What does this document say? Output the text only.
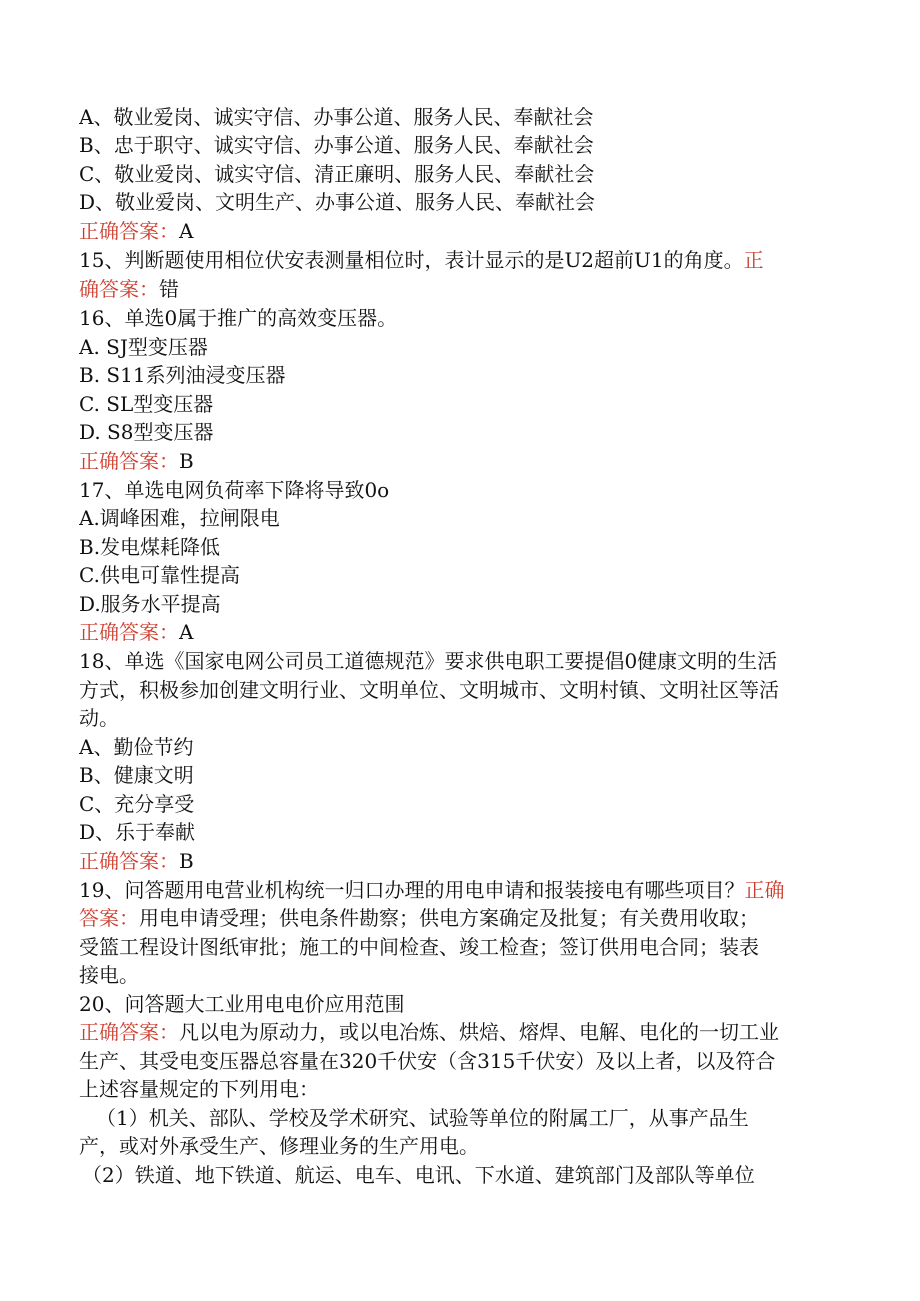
A、敬业爱岗、诚实守信、办事公道、服务人民、奉献社会
B、忠于职守、诚实守信、办事公道、服务人民、奉献社会
C、敬业爱岗、诚实守信、清正廉明、服务人民、奉献社会
D、敬业爱岗、文明生产、办事公道、服务人民、奉献社会
正确答案：A
15、判断题使用相位伏安表测量相位时，表计显示的是U2超前U1的角度。正
确答案：错
16、单选0属于推广的高效变压器。
A. SJ型变压器
B. S11系列油浸变压器
C. SL型变压器
D. S8型变压器
正确答案：B
17、单选电网负荷率下降将导致0o
A.调峰困难，拉闸限电
B.发电煤耗降低
C.供电可靠性提高
D.服务水平提高
正确答案：A
18、单选《国家电网公司员工道德规范》要求供电职工要提倡0健康文明的生活
方式，积极参加创建文明行业、文明单位、文明城市、文明村镇、文明社区等活
动。
A、勤俭节约
B、健康文明
C、充分享受
D、乐于奉献
正确答案：B
19、问答题用电营业机构统一归口办理的用电申请和报装接电有哪些项目？正确
答案：用电申请受理；供电条件勘察；供电方案确定及批复；有关费用收取；
受篮工程设计图纸审批；施工的中间检查、竣工检查；签订供用电合同；装表
接电。
20、问答题大工业用电电价应用范围
正确答案：凡以电为原动力，或以电冶炼、烘焙、熔焊、电解、电化的一切工业
生产、其受电变压器总容量在320千伏安（含315千伏安）及以上者，以及符合
上述容量规定的下列用电：
（1）机关、部队、学校及学术研究、试验等单位的附属工厂，从事产品生
产，或对外承受生产、修理业务的生产用电。
（2）铁道、地下铁道、航运、电车、电讯、下水道、建筑部门及部队等单位
